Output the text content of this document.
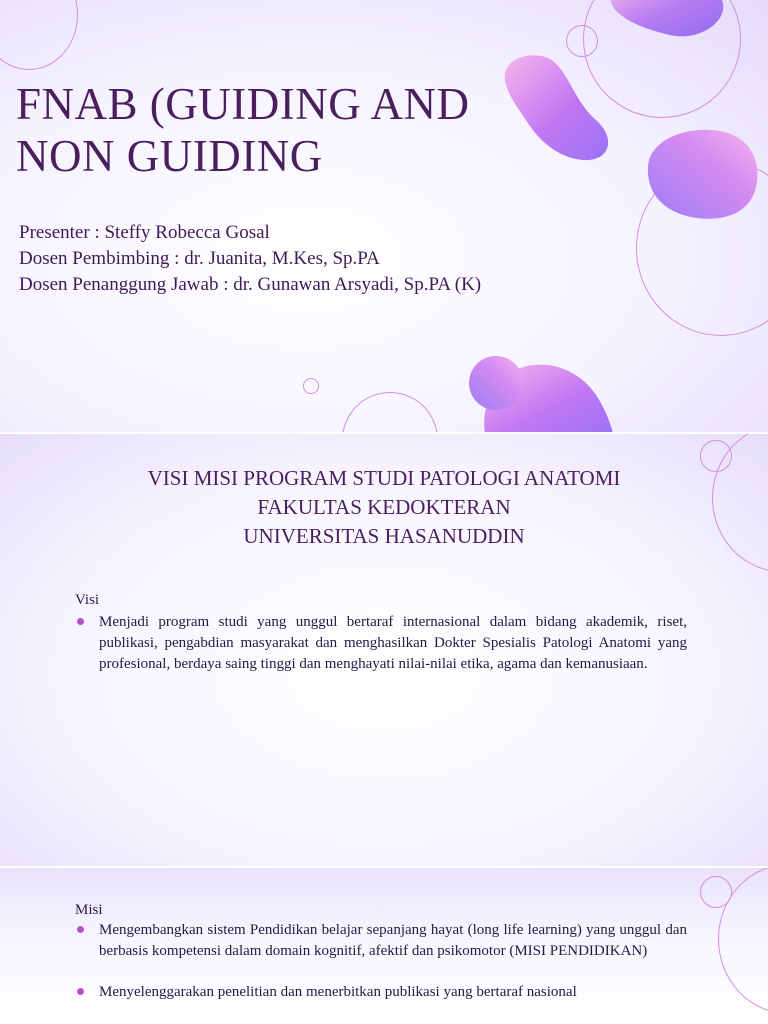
FNAB (GUIDING AND
NON GUIDING
Presenter : Steffy Robecca Gosal
Dosen Pembimbing : dr. Juanita, M.Kes, Sp.PA
Dosen Penanggung Jawab : dr. Gunawan Arsyadi, Sp.PA (K)
VISI MISI PROGRAM STUDI PATOLOGI ANATOMI
FAKULTAS KEDOKTERAN
UNIVERSITAS HASANUDDIN
Visi
Menjadi program studi yang unggul bertaraf internasional dalam bidang akademik, riset, publikasi, pengabdian masyarakat dan menghasilkan Dokter Spesialis Patologi Anatomi yang profesional, berdaya saing tinggi dan menghayati nilai-nilai etika, agama dan kemanusiaan.
Misi
Mengembangkan sistem Pendidikan belajar sepanjang hayat (long life learning) yang unggul dan berbasis kompetensi dalam domain kognitif, afektif dan psikomotor (MISI PENDIDIKAN)
Menyelenggarakan penelitian dan menerbitkan publikasi yang bertaraf nasional
